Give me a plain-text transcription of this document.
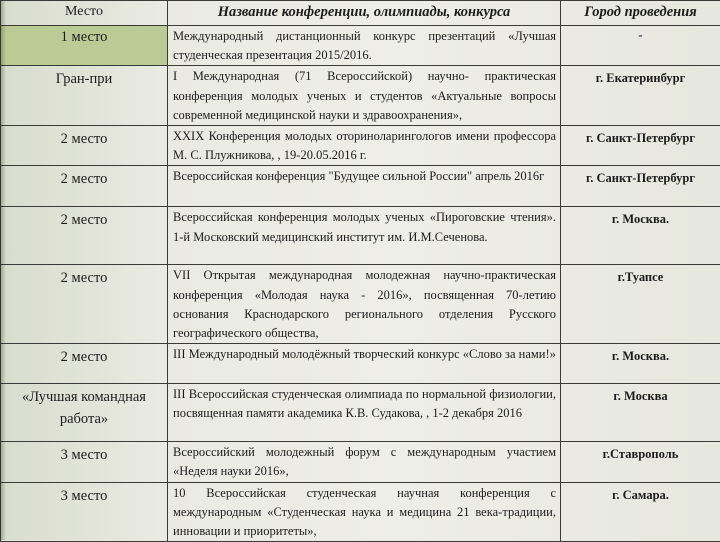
Место	Название конференции, олимпиады, конкурса	Город проведения
1 место	Международный дистанционный конкурс презентаций «Лучшая студенческая презентация 2015/2016.	-
Гран-при	I Международная (71 Всероссийской) научно- практическая конференция молодых ученых и студентов «Актуальные вопросы современной медицинской науки и здравоохранения»,	г. Екатеринбург
2 место	XXIX Конференция молодых оториноларингологов имени профессора М. С. Плужникова, , 19-20.05.2016 г.	г. Санкт-Петербург
2 место	Всероссийская конференция "Будущее сильной России" апрель 2016г	г. Санкт-Петербург
2 место	Всероссийская конференция молодых ученых «Пироговские чтения». 1-й Московский медицинский институт им. И.М.Сеченова.	г. Москва.
2 место	VII Открытая международная молодежная научно-практическая конференция «Молодая наука - 2016», посвященная 70-летию основания Краснодарского регионального отделения Русского географического общества,	г.Туапсе
2 место	III Международный молодёжный творческий конкурс «Слово за нами!»	г. Москва.
«Лучшая командная работа»	III Всероссийская студенческая олимпиада по нормальной физиологии, посвященная памяти академика К.В. Судакова, , 1-2 декабря 2016	г. Москва
3 место	Всероссийский молодежный форум с международным участием «Неделя науки 2016»,	г.Ставрополь
3 место	10 Всероссийская студенческая научная конференция с международным «Студенческая наука и медицина 21 века-традиции, инновации и приоритеты»,	г. Самара.
